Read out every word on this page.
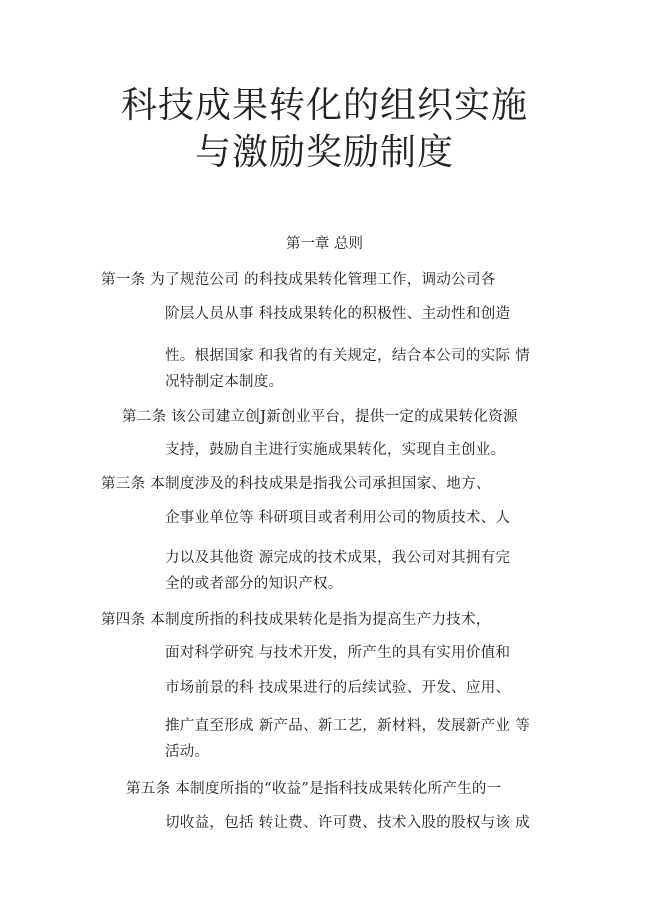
科技成果转化的组织实施
与激励奖励制度
第一章 总则
第一条 为了规范公司 的科技成果转化管理工作，调动公司各
阶层人员从事 科技成果转化的积极性、主动性和创造
性。根据国家 和我省的有关规定，结合本公司的实际 情
况特制定本制度。
第二条 该公司建立创J新创业平台，提供一定的成果转化资源
支持，鼓励自主进行实施成果转化，实现自主创业。
第三条 本制度涉及的科技成果是指我公司承担国家、地方、
企事业单位等 科研项目或者利用公司的物质技术、人
力以及其他资 源完成的技术成果，我公司对其拥有完
全的或者部分的知识产权。
第四条 本制度所指的科技成果转化是指为提高生产力技术，
面对科学研究 与技术开发，所产生的具有实用价值和
市场前景的科 技成果进行的后续试验、开发、应用、
推广直至形成 新产品、新工艺，新材料，发展新产业 等
活动。
第五条 本制度所指的“收益”是指科技成果转化所产生的一
切收益，包括 转让费、许可费、技术入股的股权与该 成
